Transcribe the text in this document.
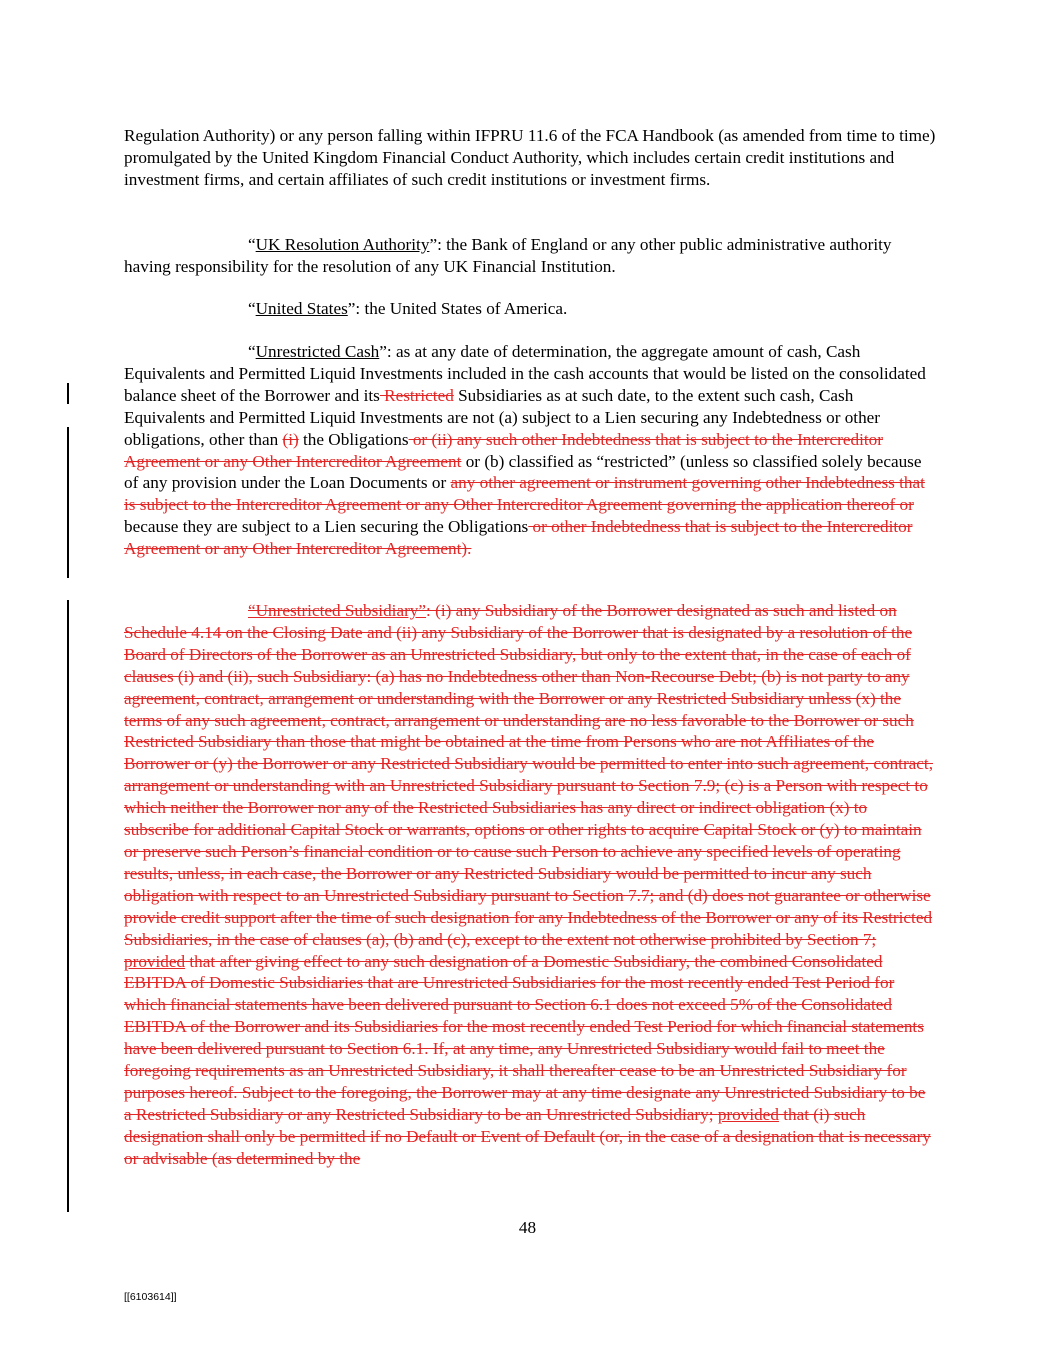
Regulation Authority) or any person falling within IFPRU 11.6 of the FCA Handbook (as amended from time to time) promulgated by the United Kingdom Financial Conduct Authority, which includes certain credit institutions and investment firms, and certain affiliates of such credit institutions or investment firms.
“UK Resolution Authority”: the Bank of England or any other public administrative authority having responsibility for the resolution of any UK Financial Institution.
“United States”: the United States of America.
“Unrestricted Cash”: as at any date of determination, the aggregate amount of cash, Cash Equivalents and Permitted Liquid Investments included in the cash accounts that would be listed on the consolidated balance sheet of the Borrower and its Restricted Subsidiaries as at such date, to the extent such cash, Cash Equivalents and Permitted Liquid Investments are not (a) subject to a Lien securing any Indebtedness or other obligations, other than (i) the Obligations or (ii) any such other Indebtedness that is subject to the Intercreditor Agreement or any Other Intercreditor Agreement or (b) classified as “restricted” (unless so classified solely because of any provision under the Loan Documents or any other agreement or instrument governing other Indebtedness that is subject to the Intercreditor Agreement or any Other Intercreditor Agreement governing the application thereof or because they are subject to a Lien securing the Obligations or other Indebtedness that is subject to the Intercreditor Agreement or any Other Intercreditor Agreement).
“Unrestricted Subsidiary”: (i) any Subsidiary of the Borrower designated as such and listed on Schedule 4.14 on the Closing Date and (ii) any Subsidiary of the Borrower that is designated by a resolution of the Board of Directors of the Borrower as an Unrestricted Subsidiary, but only to the extent that, in the case of each of clauses (i) and (ii), such Subsidiary: (a) has no Indebtedness other than Non-Recourse Debt; (b) is not party to any agreement, contract, arrangement or understanding with the Borrower or any Restricted Subsidiary unless (x) the terms of any such agreement, contract, arrangement or understanding are no less favorable to the Borrower or such Restricted Subsidiary than those that might be obtained at the time from Persons who are not Affiliates of the Borrower or (y) the Borrower or any Restricted Subsidiary would be permitted to enter into such agreement, contract, arrangement or understanding with an Unrestricted Subsidiary pursuant to Section 7.9; (c) is a Person with respect to which neither the Borrower nor any of the Restricted Subsidiaries has any direct or indirect obligation (x) to subscribe for additional Capital Stock or warrants, options or other rights to acquire Capital Stock or (y) to maintain or preserve such Person’s financial condition or to cause such Person to achieve any specified levels of operating results, unless, in each case, the Borrower or any Restricted Subsidiary would be permitted to incur any such obligation with respect to an Unrestricted Subsidiary pursuant to Section 7.7; and (d) does not guarantee or otherwise provide credit support after the time of such designation for any Indebtedness of the Borrower or any of its Restricted Subsidiaries, in the case of clauses (a), (b) and (c), except to the extent not otherwise prohibited by Section 7; provided that after giving effect to any such designation of a Domestic Subsidiary, the combined Consolidated EBITDA of Domestic Subsidiaries that are Unrestricted Subsidiaries for the most recently ended Test Period for which financial statements have been delivered pursuant to Section 6.1 does not exceed 5% of the Consolidated EBITDA of the Borrower and its Subsidiaries for the most recently ended Test Period for which financial statements have been delivered pursuant to Section 6.1. If, at any time, any Unrestricted Subsidiary would fail to meet the foregoing requirements as an Unrestricted Subsidiary, it shall thereafter cease to be an Unrestricted Subsidiary for purposes hereof. Subject to the foregoing, the Borrower may at any time designate any Unrestricted Subsidiary to be a Restricted Subsidiary or any Restricted Subsidiary to be an Unrestricted Subsidiary; provided that (i) such designation shall only be permitted if no Default or Event of Default (or, in the case of a designation that is necessary or advisable (as determined by the
48
[[6103614]]
